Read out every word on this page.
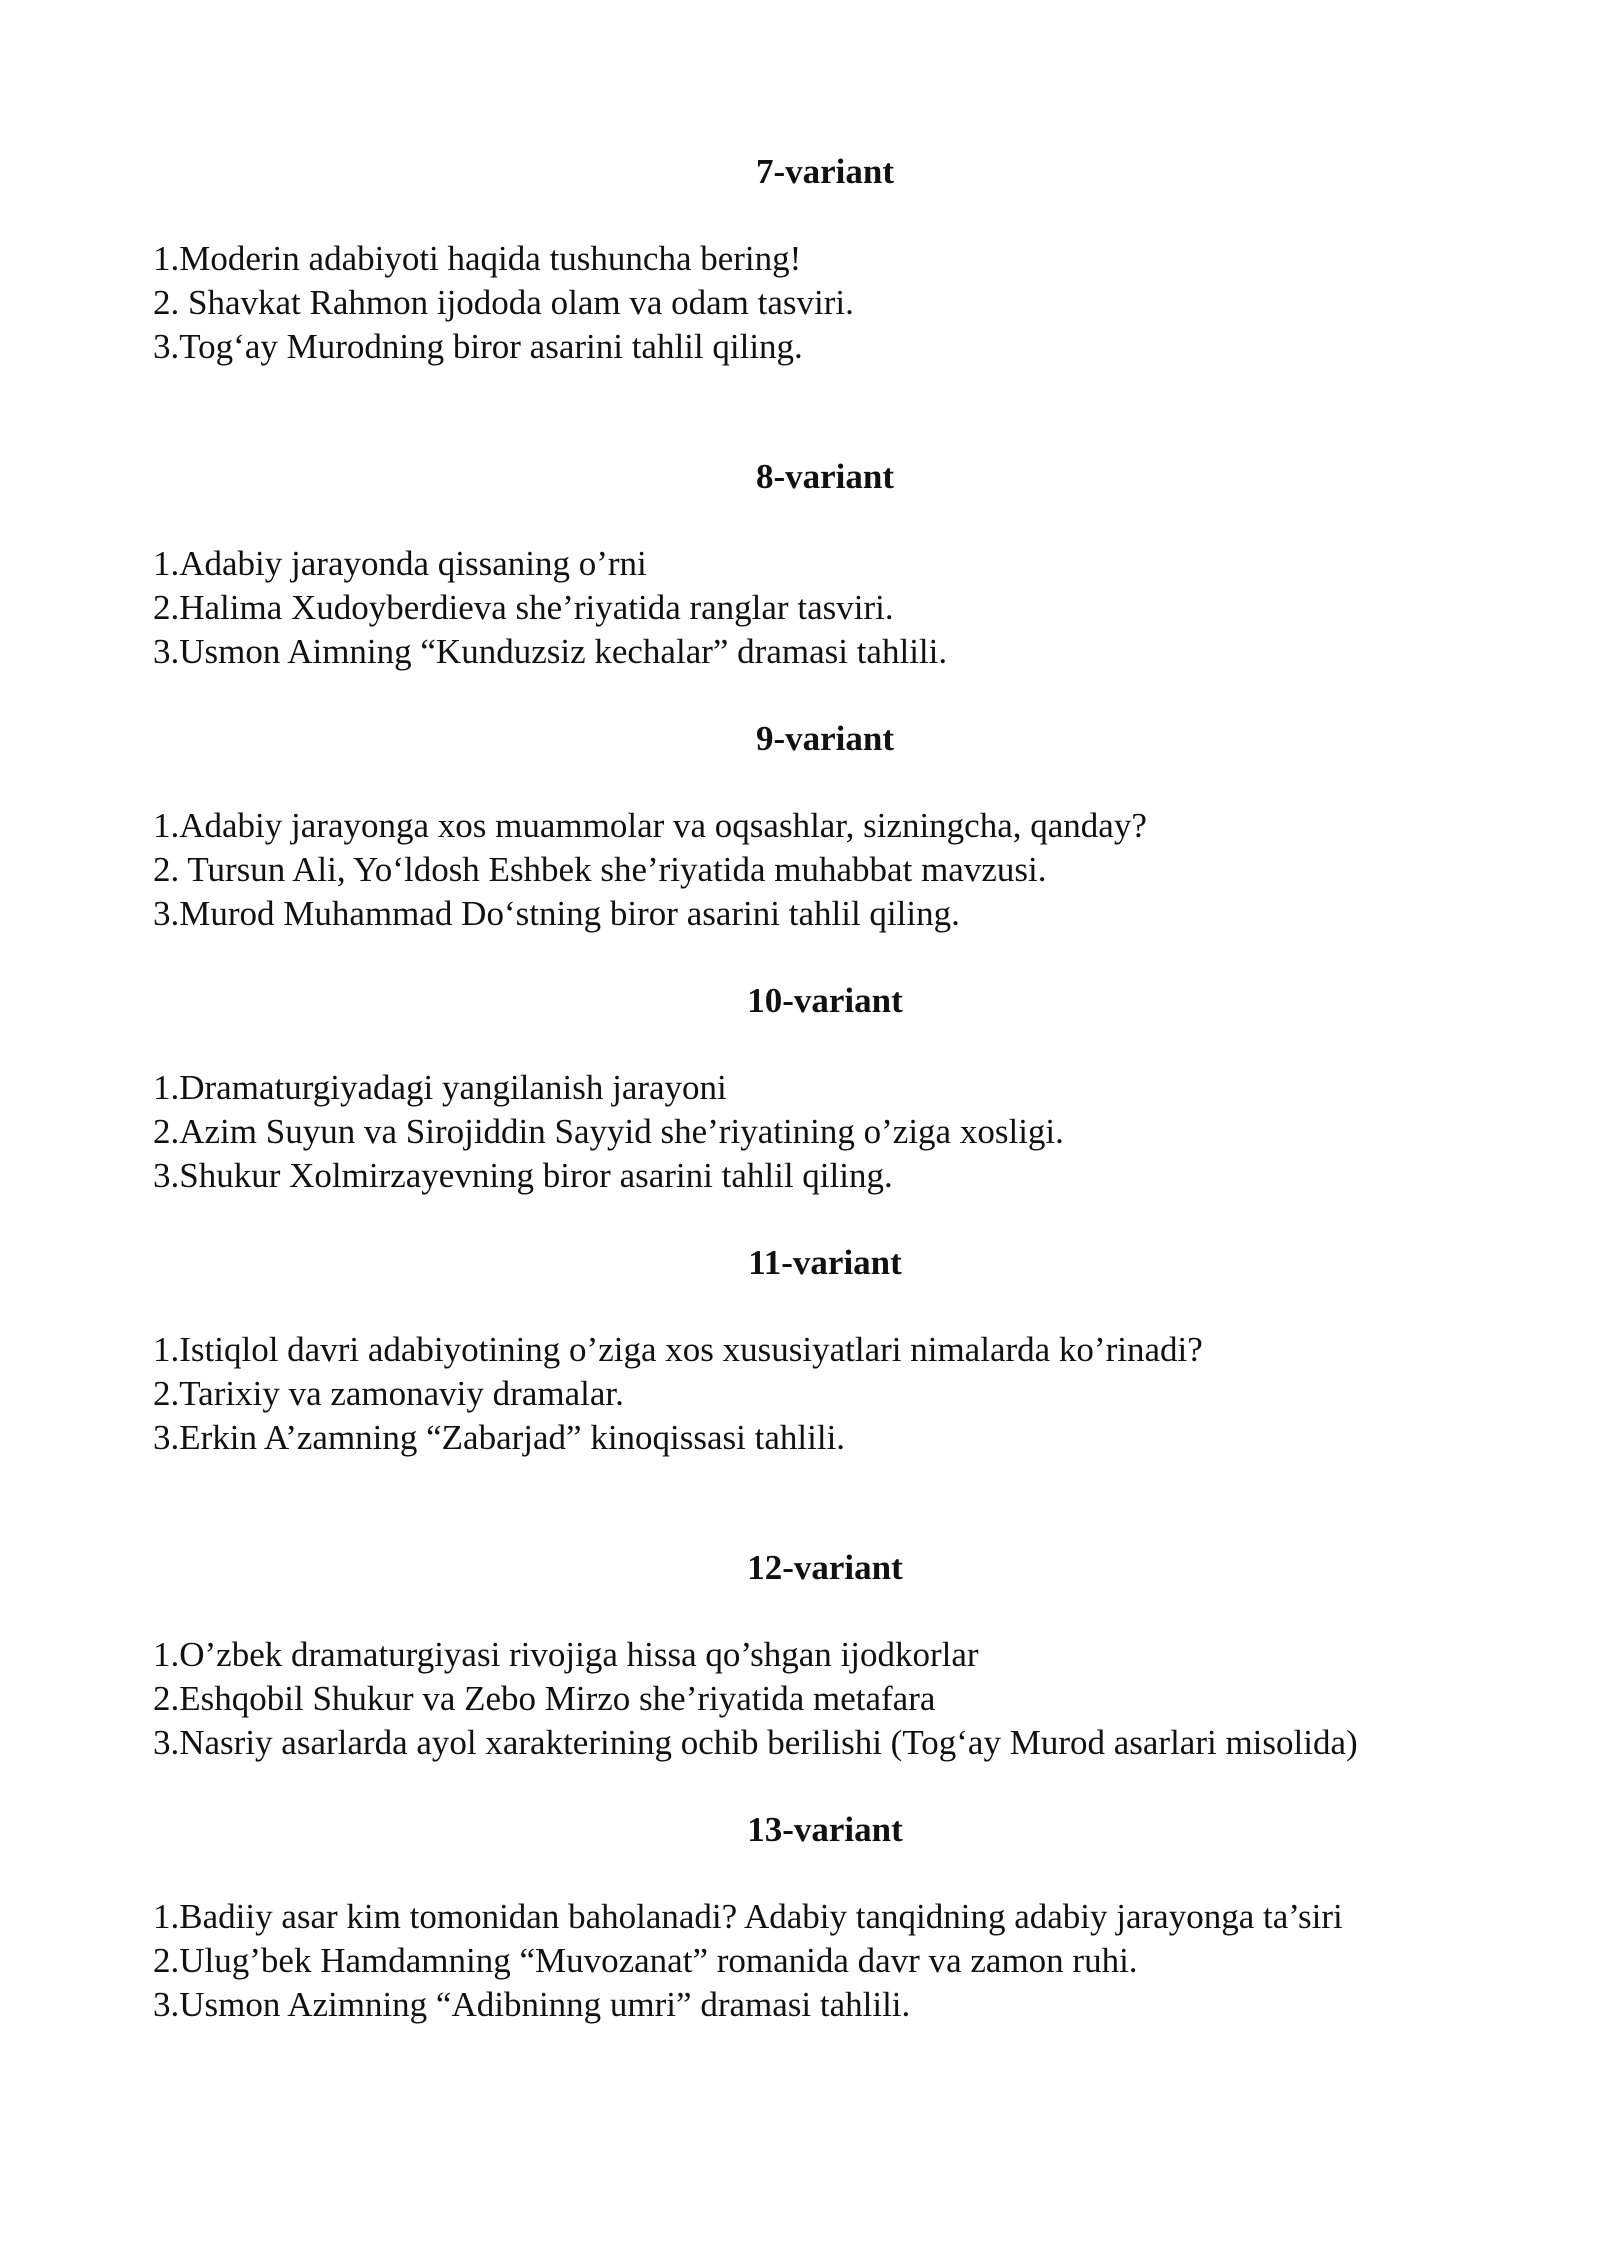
7-variant

1.Moderin adabiyoti haqida tushuncha bering!

2. Shavkat Rahmon ijododa olam va odam tasviri.

3.Tog‘ay Murodning biror asarini tahlil qiling.

8-variant

1.Adabiy jarayonda qissaning o’rni

2.Halima Xudoyberdieva she’riyatida ranglar tasviri.

3.Usmon Aimning “Kunduzsiz kechalar” dramasi tahlili.

9-variant

1.Adabiy jarayonga xos muammolar va oqsashlar, sizningcha, qanday?

2. Tursun Ali, Yo‘ldosh Eshbek she’riyatida muhabbat mavzusi.

3.Murod Muhammad Do‘stning biror asarini tahlil qiling.

10-variant

1.Dramaturgiyadagi yangilanish jarayoni

2.Azim Suyun va Sirojiddin Sayyid she’riyatining o’ziga xosligi.

3.Shukur Xolmirzayevning biror asarini tahlil qiling.

11-variant

1.Istiqlol davri adabiyotining o’ziga xos xususiyatlari nimalarda ko’rinadi?

2.Tarixiy va zamonaviy dramalar.

3.Erkin A’zamning “Zabarjad” kinoqissasi tahlili.

12-variant

1.O’zbek dramaturgiyasi rivojiga hissa qo’shgan ijodkorlar

2.Eshqobil Shukur va Zebo Mirzo she’riyatida metafara

3.Nasriy asarlarda ayol xarakterining ochib berilishi (Tog‘ay Murod asarlari misolida)

13-variant

1.Badiiy asar kim tomonidan baholanadi? Adabiy tanqidning adabiy jarayonga ta’siri

2.Ulug’bek Hamdamning “Muvozanat” romanida davr va zamon ruhi.

3.Usmon Azimning “Adibninng umri” dramasi tahlili.
